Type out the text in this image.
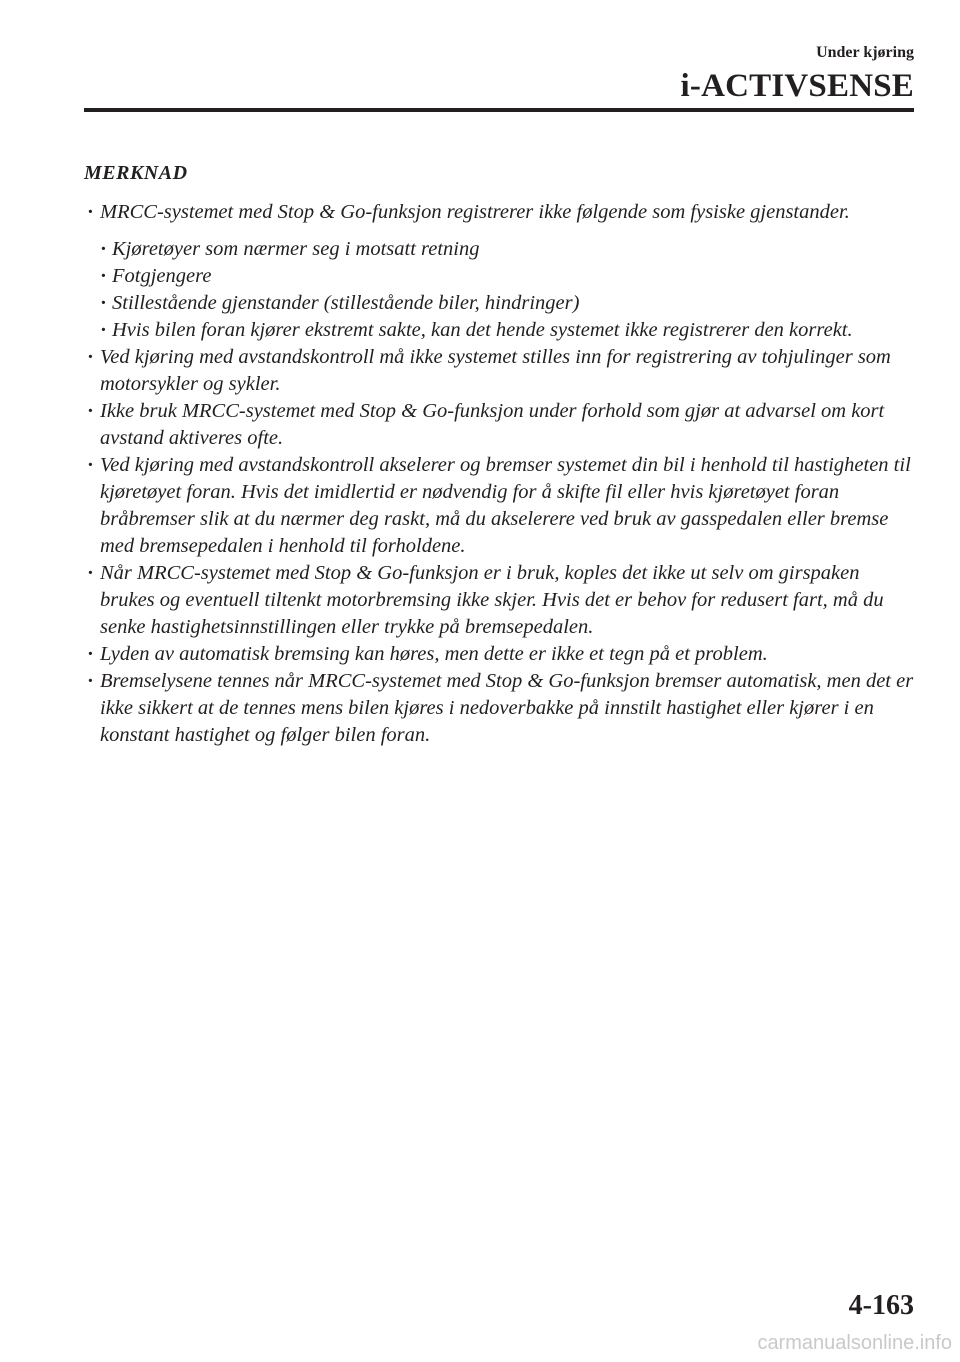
Under kjøring
i-ACTIVSENSE
MERKNAD
· MRCC-systemet med Stop & Go-funksjon registrerer ikke følgende som fysiske gjenstander.
· Kjøretøyer som nærmer seg i motsatt retning
· Fotgjengere
· Stillestående gjenstander (stillestående biler, hindringer)
· Hvis bilen foran kjører ekstremt sakte, kan det hende systemet ikke registrerer den korrekt.
· Ved kjøring med avstandskontroll må ikke systemet stilles inn for registrering av tohjulinger som motorsykler og sykler.
· Ikke bruk MRCC-systemet med Stop & Go-funksjon under forhold som gjør at advarsel om kort avstand aktiveres ofte.
· Ved kjøring med avstandskontroll akselerer og bremser systemet din bil i henhold til hastigheten til kjøretøyet foran. Hvis det imidlertid er nødvendig for å skifte fil eller hvis kjøretøyet foran bråbremser slik at du nærmer deg raskt, må du akselerere ved bruk av gasspedalen eller bremse med bremsepedalen i henhold til forholdene.
· Når MRCC-systemet med Stop & Go-funksjon er i bruk, koples det ikke ut selv om girspaken brukes og eventuell tiltenkt motorbremsing ikke skjer. Hvis det er behov for redusert fart, må du senke hastighetsinnstillingen eller trykke på bremsepedalen.
· Lyden av automatisk bremsing kan høres, men dette er ikke et tegn på et problem.
· Bremselysene tennes når MRCC-systemet med Stop & Go-funksjon bremser automatisk, men det er ikke sikkert at de tennes mens bilen kjøres i nedoverbakke på innstilt hastighet eller kjører i en konstant hastighet og følger bilen foran.
4-163
carmanualsonline.info
